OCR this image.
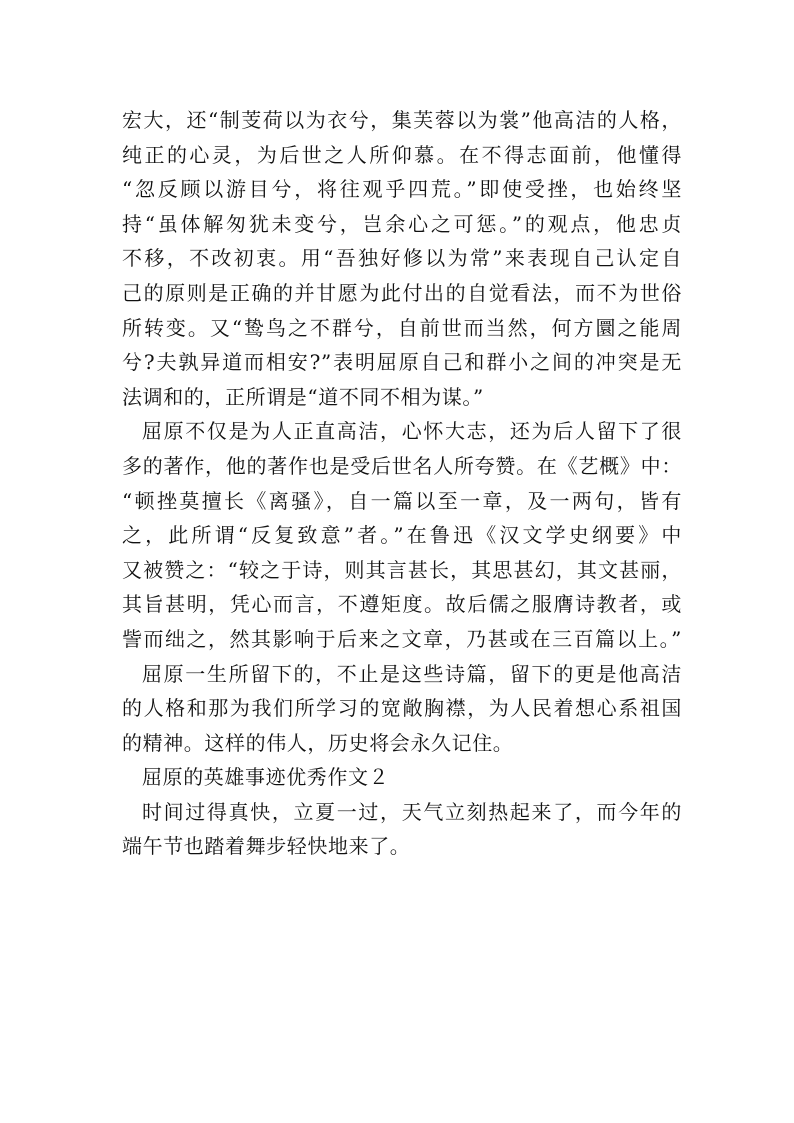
宏大，还“制芰荷以为衣兮，集芙蓉以为裳”他高洁的人格，
纯正的心灵，为后世之人所仰慕。在不得志面前，他懂得
“忽反顾以游目兮，将往观乎四荒。”即使受挫，也始终坚
持“虽体解匆犹未变兮，岂余心之可惩。”的观点，他忠贞
不移，不改初衷。用“吾独好修以为常”来表现自己认定自
己的原则是正确的并甘愿为此付出的自觉看法，而不为世俗
所转变。又“鸷鸟之不群兮，自前世而当然，何方圜之能周
兮?夫孰异道而相安?”表明屈原自己和群小之间的冲突是无
法调和的，正所谓是“道不同不相为谋。”
屈原不仅是为人正直高洁，心怀大志，还为后人留下了很
多的著作，他的著作也是受后世名人所夸赞。在《艺概》中：
“顿挫莫擅长《离骚》，自一篇以至一章，及一两句，皆有
之，此所谓“反复致意”者。”在鲁迅《汉文学史纲要》中
又被赞之：“较之于诗，则其言甚长，其思甚幻，其文甚丽，
其旨甚明，凭心而言，不遵矩度。故后儒之服膺诗教者，或
訾而绌之，然其影响于后来之文章，乃甚或在三百篇以上。”
屈原一生所留下的，不止是这些诗篇，留下的更是他高洁
的人格和那为我们所学习的宽敞胸襟，为人民着想心系祖国
的精神。这样的伟人，历史将会永久记住。
屈原的英雄事迹优秀作文２
时间过得真快，立夏一过，天气立刻热起来了，而今年的
端午节也踏着舞步轻快地来了。
